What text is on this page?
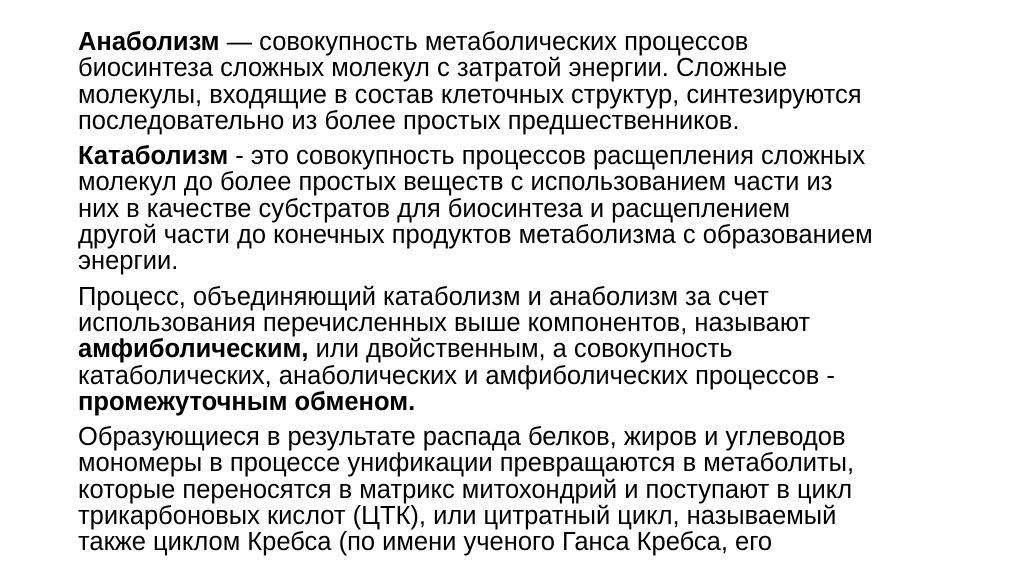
Анаболизм — совокупность метаболических процессов
биосинтеза сложных молекул с затратой энергии. Сложные
молекулы, входящие в состав клеточных структур, синтезируются
последовательно из более простых предшественников.

Катаболизм - это совокупность процессов расщепления сложных
молекул до более простых веществ с использованием части из
них в качестве субстратов для биосинтеза и расщеплением
другой части до конечных продуктов метаболизма с образованием
энергии.

Процесс, объединяющий катаболизм и анаболизм за счет
использования перечисленных выше компонентов, называют
амфиболическим, или двойственным, а совокупность
катаболических, анаболических и амфиболических процессов -
промежуточным обменом.

Образующиеся в результате распада белков, жиров и углеводов
мономеры в процессе унификации превращаются в метаболиты,
которые переносятся в матрикс митохондрий и поступают в цикл
трикарбоновых кислот (ЦТК), или цитратный цикл, называемый
также циклом Кребса (по имени ученого Ганса Кребса, его
